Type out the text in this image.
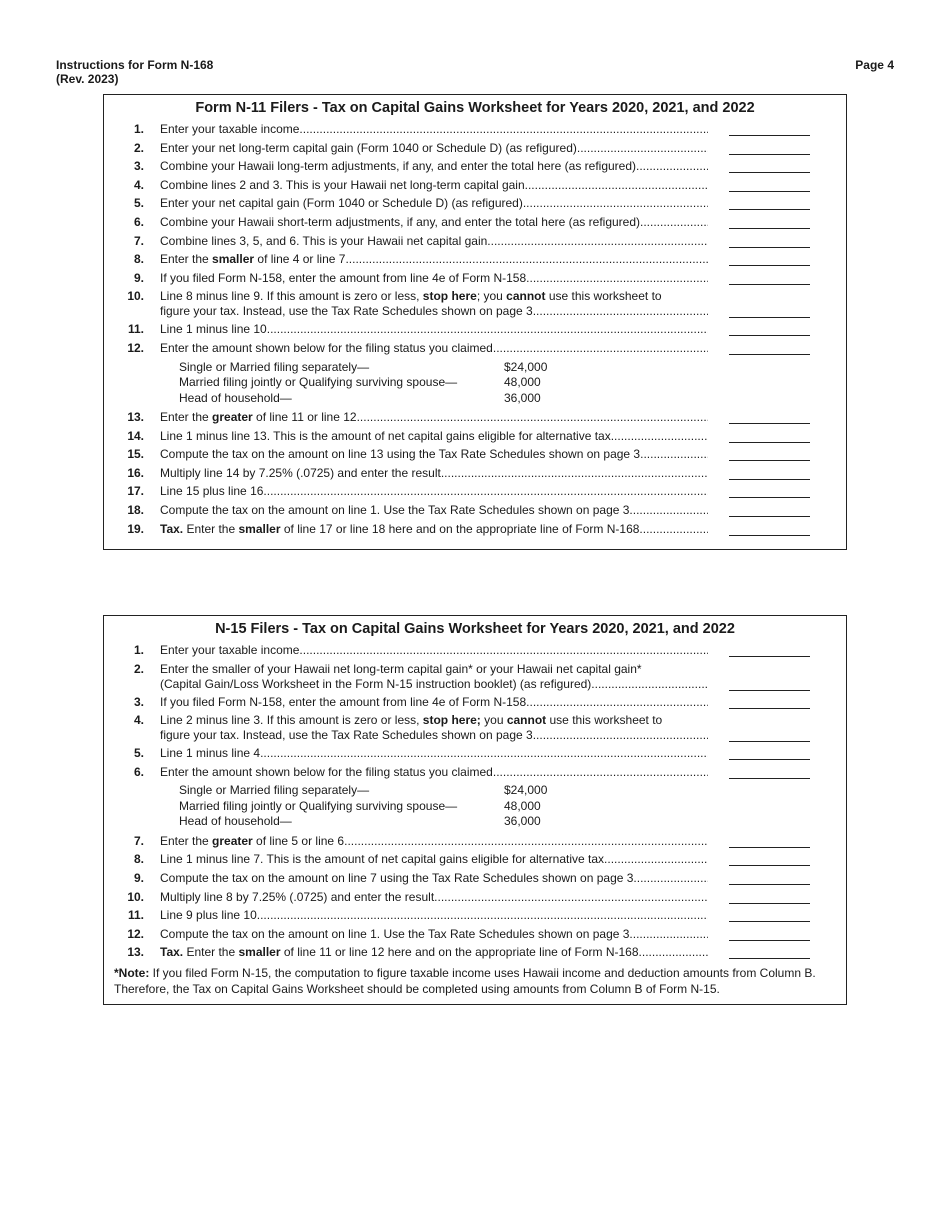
Instructions for Form N-168
(Rev. 2023)
Page 4
Form N-11 Filers - Tax on Capital Gains Worksheet for Years 2020, 2021, and 2022
1. Enter your taxable income
.....
2. Enter your net long-term capital gain (Form 1040 or Schedule D) (as refigured)
.....
3. Combine your Hawaii long-term adjustments, if any, and enter the total here (as refigured)
.....
4. Combine lines 2 and 3. This is your Hawaii net long-term capital gain
.....
5. Enter your net capital gain (Form 1040 or Schedule D) (as refigured)
.....
6. Combine your Hawaii short-term adjustments, if any, and enter the total here (as refigured)
.....
7. Combine lines 3, 5, and 6. This is your Hawaii net capital gain
.....
8. Enter the smaller of line 4 or line 7
.....
9. If you filed Form N-158, enter the amount from line 4e of Form N-158
.....
10. Line 8 minus line 9. If this amount is zero or less, stop here; you cannot use this worksheet to
figure your tax. Instead, use the Tax Rate Schedules shown on page 3
.....
11. Line 1 minus line 10
.....
12. Enter the amount shown below for the filing status you claimed
.....
Single or Married filing separately—	$24,000
Married filing jointly or Qualifying surviving spouse—	48,000
Head of household—	36,000
13. Enter the greater of line 11 or line 12
.....
14. Line 1 minus line 13. This is the amount of net capital gains eligible for alternative tax.
.....
15. Compute the tax on the amount on line 13 using the Tax Rate Schedules shown on page 3
.....
16. Multiply line 14 by 7.25% (.0725) and enter the result
.....
17. Line 15 plus line 16
.....
18. Compute the tax on the amount on line 1. Use the Tax Rate Schedules shown on page 3
.....
19. Tax. Enter the smaller of line 17 or line 18 here and on the appropriate line of Form N-168
.....
N-15 Filers - Tax on Capital Gains Worksheet for Years 2020, 2021, and 2022
1. Enter your taxable income
.....
2. Enter the smaller of your Hawaii net long-term capital gain* or your Hawaii net capital gain*
(Capital Gain/Loss Worksheet in the Form N-15 instruction booklet) (as refigured).
.....
3. If you filed Form N-158, enter the amount from line 4e of Form N-158
.....
4. Line 2 minus line 3. If this amount is zero or less, stop here; you cannot use this worksheet to
figure your tax. Instead, use the Tax Rate Schedules shown on page 3
.....
5. Line 1 minus line 4
.....
6. Enter the amount shown below for the filing status you claimed
.....
Single or Married filing separately—	$24,000
Married filing jointly or Qualifying surviving spouse—	48,000
Head of household—	36,000
7. Enter the greater of line 5 or line 6
.....
8. Line 1 minus line 7. This is the amount of net capital gains eligible for alternative tax.
.....
9. Compute the tax on the amount on line 7 using the Tax Rate Schedules shown on page 3.
.....
10. Multiply line 8 by 7.25% (.0725) and enter the result
.....
11. Line 9 plus line 10.
.....
12. Compute the tax on the amount on line 1. Use the Tax Rate Schedules shown on page 3.
.....
13. Tax. Enter the smaller of line 11 or line 12 here and on the appropriate line of Form N-168
.....
*Note: If you filed Form N-15, the computation to figure taxable income uses Hawaii income and deduction amounts from Column B.
Therefore, the Tax on Capital Gains Worksheet should be completed using amounts from Column B of Form N-15.
